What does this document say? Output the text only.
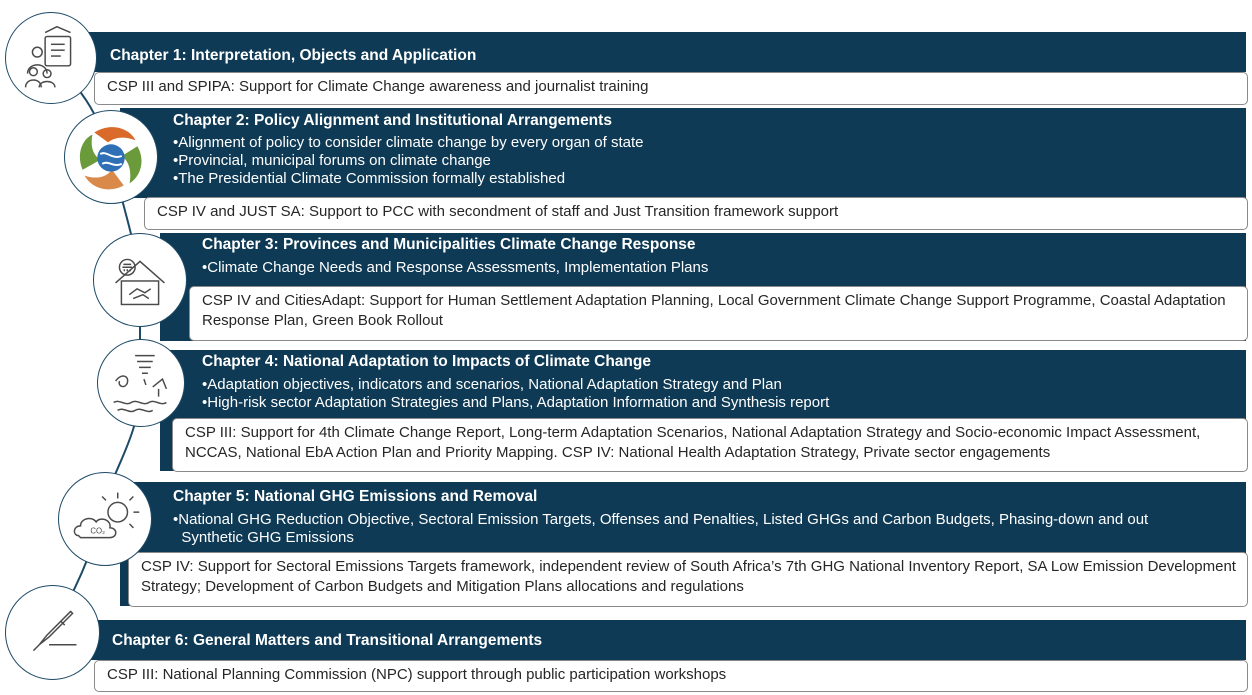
Chapter 1: Interpretation, Objects and Application
CSP III and SPIPA: Support for Climate Change awareness and journalist training
Chapter 2: Policy Alignment and Institutional Arrangements
•Alignment of policy to consider climate change by every organ of state
•Provincial, municipal forums on climate change
•The Presidential Climate Commission formally established
CSP IV and JUST SA: Support to PCC with secondment of staff and Just Transition framework support
Chapter 3: Provinces and Municipalities Climate Change Response
•Climate Change Needs and Response Assessments, Implementation Plans
CSP IV and CitiesAdapt: Support for Human Settlement Adaptation Planning, Local Government Climate Change Support Programme, Coastal Adaptation Response Plan, Green Book Rollout
Chapter 4: National Adaptation to Impacts of Climate Change
•Adaptation objectives, indicators and scenarios, National Adaptation Strategy and Plan
•High-risk sector Adaptation Strategies and Plans, Adaptation Information and Synthesis report
CSP III: Support for 4th Climate Change Report, Long-term Adaptation Scenarios, National Adaptation Strategy and Socio-economic Impact Assessment, NCCAS, National EbA Action Plan and Priority Mapping. CSP IV: National Health Adaptation Strategy, Private sector engagements
Chapter 5: National GHG Emissions and Removal
•National GHG Reduction Objective, Sectoral Emission Targets, Offenses and Penalties, Listed GHGs and Carbon Budgets, Phasing-down and out
Synthetic GHG Emissions
CSP IV: Support for Sectoral Emissions Targets framework, independent review of South Africa’s 7th GHG National Inventory Report, SA Low Emission Development Strategy; Development of Carbon Budgets and Mitigation Plans allocations and regulations
Chapter 6: General Matters and Transitional Arrangements
CSP III: National Planning Commission (NPC) support through public participation workshops
CO₂
